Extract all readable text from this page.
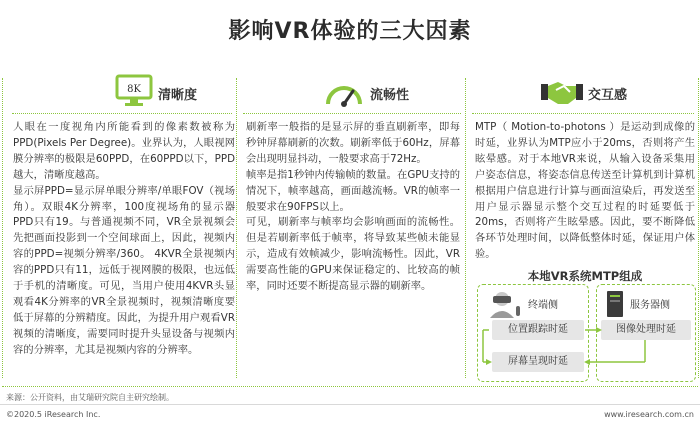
影响VR体验的三大因素
8K 清晰度

人眼在一度视角内所能看到的像素数被称为PPD(Pixels Per Degree)。业界认为，人眼视网膜分辨率的极限是60PPD，在60PPD以下，PPD越大，清晰度越高。

显示屏PPD=显示屏单眼分辨率/单眼FOV（视场角）。双眼4K分辨率，100度视场角的显示器PPD只有19。与普通视频不同，VR全景视频会先把画面投影到一个空间球面上，因此，视频内容的PPD=视频分辨率/360。 4KVR全景视频内容的PPD只有11，远低于视网膜的极限，也远低于手机的清晰度。可见，当用户使用4KVR头显观看4K分辨率的VR全景视频时，视频清晰度要低于屏幕的分辨精度。因此，为提升用户观看VR视频的清晰度，需要同时提升头显设备与视频内容的分辨率，尤其是视频内容的分辨率。

流畅性

刷新率一般指的是显示屏的垂直刷新率，即每秒钟屏幕刷新的次数。刷新率低于60Hz，屏幕会出现明显抖动，一般要求高于72Hz。

帧率是指1秒钟内传输帧的数量。在GPU支持的情况下，帧率越高，画面越流畅。VR的帧率一般要求在90FPS以上。

可见，刷新率与帧率均会影响画面的流畅性。但是若刷新率低于帧率，将导致某些帧未能显示，造成有效帧减少，影响流畅性。因此，VR需要高性能的GPU来保证稳定的、比较高的帧率，同时还要不断提高显示器的刷新率。

交互感

MTP（ Motion-to-photons ）是运动到成像的时延，业界认为MTP应小于20ms，否则将产生眩晕感。对于本地VR来说，从输入设备采集用户姿态信息，将姿态信息传送至计算机到计算机根据用户信息进行计算与画面渲染后，再发送至用户显示器显示整个交互过程的时延要低于20ms，否则将产生眩晕感。因此，要不断降低各环节处理时间，以降低整体时延，保证用户体验。

本地VR系统MTP组成
终端侧	服务器侧
位置跟踪时延	图像处理时延
屏幕呈现时延
来源：公开资料，由艾瑞研究院自主研究绘制。
©2020.5 iResearch Inc.	www.iresearch.com.cn
